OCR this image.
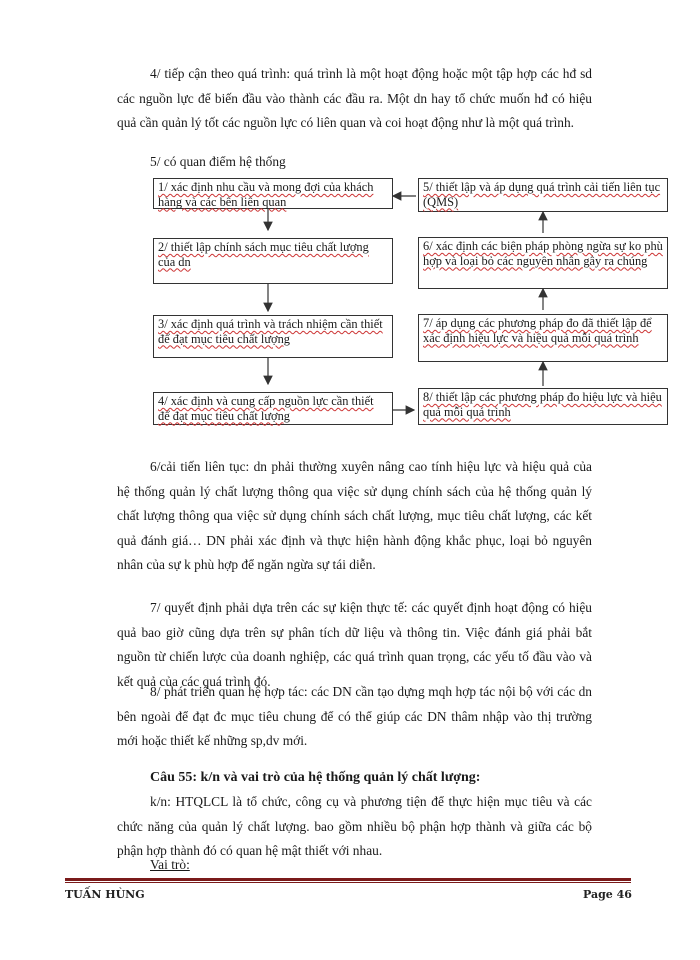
4/ tiếp cận theo quá trình: quá trình là một hoạt động hoặc một tập hợp các hđ sd các nguồn lực để biến đầu vào thành các đầu ra. Một dn hay tổ chức muốn hđ có hiệu quả cần quản lý tốt các nguồn lực có liên quan và coi hoạt động như là một quá trình.
5/ có quan điểm hệ thống
1/ xác định nhu cầu và mong đợi của khách hàng và các bên liên quan
2/ thiết lập chính sách mục tiêu chất lượng của dn
3/ xác định quá trình và trách nhiệm cần thiết để đạt mục tiêu chất lượng
4/ xác định và cung cấp nguồn lực cần thiết để đạt mục tiêu chất lượng
5/ thiết lập và áp dụng quá trình cải tiến liên tục (QMS)
6/ xác định các biện pháp phòng ngừa sự ko phù hợp và loại bỏ các nguyên nhân gây ra chúng
7/ áp dụng các phương pháp đo đã thiết lập để xác định hiệu lực và hiệu quả mỗi quá trình
8/ thiết lập các phương pháp đo hiệu lực và hiệu quả mỗi quá trình
6/cải tiến liên tục: dn phải thường xuyên nâng cao tính hiệu lực và hiệu quả của hệ thống quản lý chất lượng thông qua việc sử dụng chính sách của hệ thống quản lý chất lượng thông qua việc sử dụng chính sách chất lượng, mục tiêu chất lượng, các kết quả đánh giá… DN phải xác định và thực hiện hành động khắc phục, loại bỏ nguyên nhân của sự k phù hợp để ngăn ngừa sự tái diễn.
7/ quyết định phải dựa trên các sự kiện thực tế: các quyết định hoạt động có hiệu quả bao giờ cũng dựa trên sự phân tích dữ liệu và thông tin. Việc đánh giá phải bắt nguồn từ chiến lược của doanh nghiệp, các quá trình quan trọng, các yếu tố đầu vào và kết quả của các quá trình đó.
8/ phát triển quan hệ hợp tác: các DN cần tạo dựng mqh hợp tác nội bộ với các dn bên ngoài để đạt đc mục tiêu chung để có thể giúp các DN thâm nhập vào thị trường mới hoặc thiết kế những sp,dv mới.
Câu 55: k/n và vai trò của hệ thống quản lý chất lượng:
k/n: HTQLCL là tổ chức, công cụ và phương tiện để thực hiện mục tiêu và các chức năng của quản lý chất lượng. bao gồm nhiều bộ phận hợp thành và giữa các bộ phận hợp thành đó có quan hệ mật thiết với nhau.
Vai trò:
TUẤN HÙNG	Page 46
